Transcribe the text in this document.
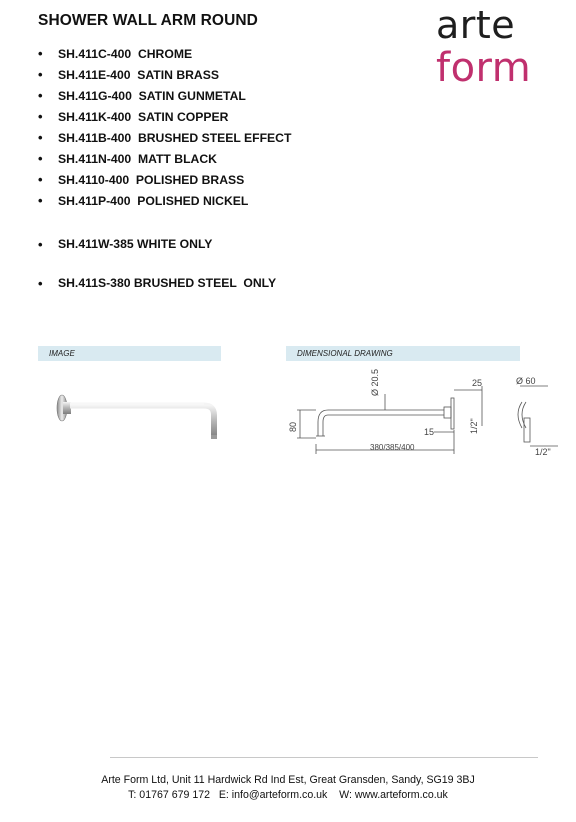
SHOWER WALL ARM ROUND	arte
form
• SH.411C-400  CHROME
• SH.411E-400  SATIN BRASS
• SH.411G-400  SATIN GUNMETAL
• SH.411K-400  SATIN COPPER
• SH.411B-400  BRUSHED STEEL EFFECT
• SH.411N-400  MATT BLACK
• SH.4110-400  POLISHED BRASS
• SH.411P-400  POLISHED NICKEL
• SH.411W-385 WHITE ONLY
• SH.411S-380 BRUSHED STEEL  ONLY
IMAGE	DIMENSIONAL DRAWING
Ø 20.5	25	Ø 60
80	15	1/2"
380/385/400	1/2"
Arte Form Ltd, Unit 11 Hardwick Rd Ind Est, Great Gransden, Sandy, SG19 3BJ
T: 01767 679 172 E: info@arteform.co.uk W: www.arteform.co.uk
